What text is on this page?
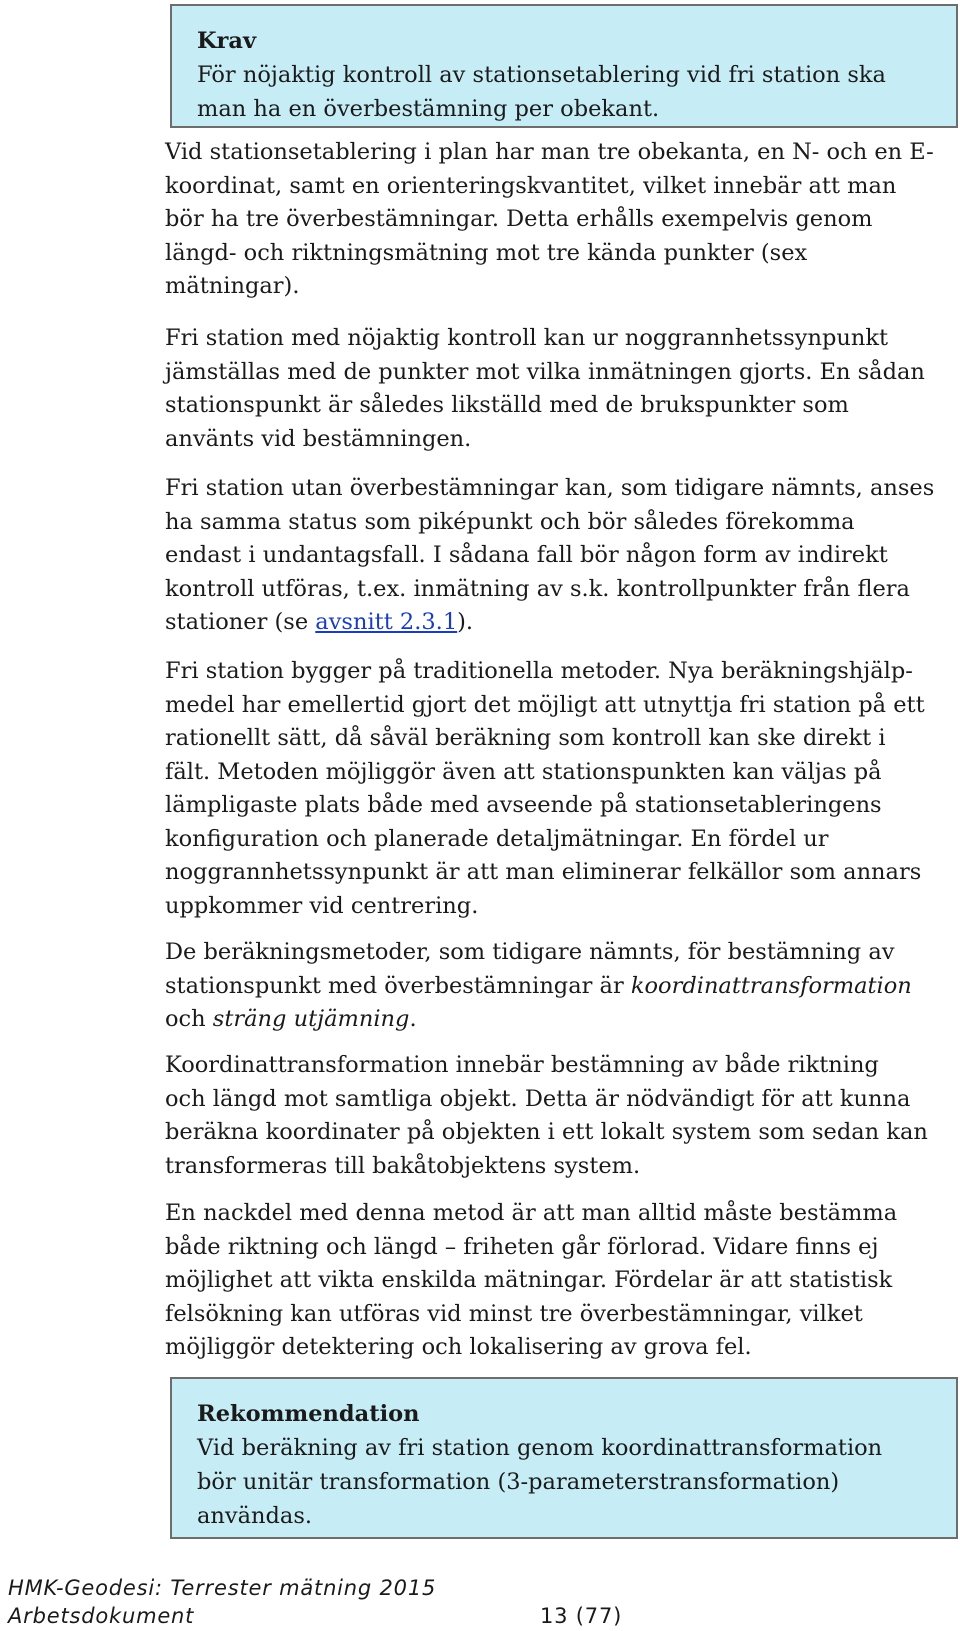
Krav
För nöjaktig kontroll av stationsetablering vid fri station ska
man ha en överbestämning per obekant.
Vid stationsetablering i plan har man tre obekanta, en N- och en E-
koordinat, samt en orienteringskvantitet, vilket innebär att man
bör ha tre överbestämningar. Detta erhålls exempelvis genom
längd- och riktningsmätning mot tre kända punkter (sex
mätningar).
Fri station med nöjaktig kontroll kan ur noggrannhetssynpunkt
jämställas med de punkter mot vilka inmätningen gjorts. En sådan
stationspunkt är således likställd med de brukspunkter som
använts vid bestämningen.
Fri station utan överbestämningar kan, som tidigare nämnts, anses
ha samma status som piképunkt och bör således förekomma
endast i undantagsfall. I sådana fall bör någon form av indirekt
kontroll utföras, t.ex. inmätning av s.k. kontrollpunkter från flera
stationer (se avsnitt 2.3.1).
Fri station bygger på traditionella metoder. Nya beräkningshjälp-
medel har emellertid gjort det möjligt att utnyttja fri station på ett
rationellt sätt, då såväl beräkning som kontroll kan ske direkt i
fält. Metoden möjliggör även att stationspunkten kan väljas på
lämpligaste plats både med avseende på stationsetableringens
konfiguration och planerade detaljmätningar. En fördel ur
noggrannhetssynpunkt är att man eliminerar felkällor som annars
uppkommer vid centrering.
De beräkningsmetoder, som tidigare nämnts, för bestämning av
stationspunkt med överbestämningar är koordinattransformation
och sträng utjämning.
Koordinattransformation innebär bestämning av både riktning
och längd mot samtliga objekt. Detta är nödvändigt för att kunna
beräkna koordinater på objekten i ett lokalt system som sedan kan
transformeras till bakåtobjektens system.
En nackdel med denna metod är att man alltid måste bestämma
både riktning och längd – friheten går förlorad. Vidare finns ej
möjlighet att vikta enskilda mätningar. Fördelar är att statistisk
felsökning kan utföras vid minst tre överbestämningar, vilket
möjliggör detektering och lokalisering av grova fel.
Rekommendation
Vid beräkning av fri station genom koordinattransformation
bör unitär transformation (3-parameterstransformation)
användas.
HMK-Geodesi: Terrester mätning 2015
Arbetsdokument	13 (77)
